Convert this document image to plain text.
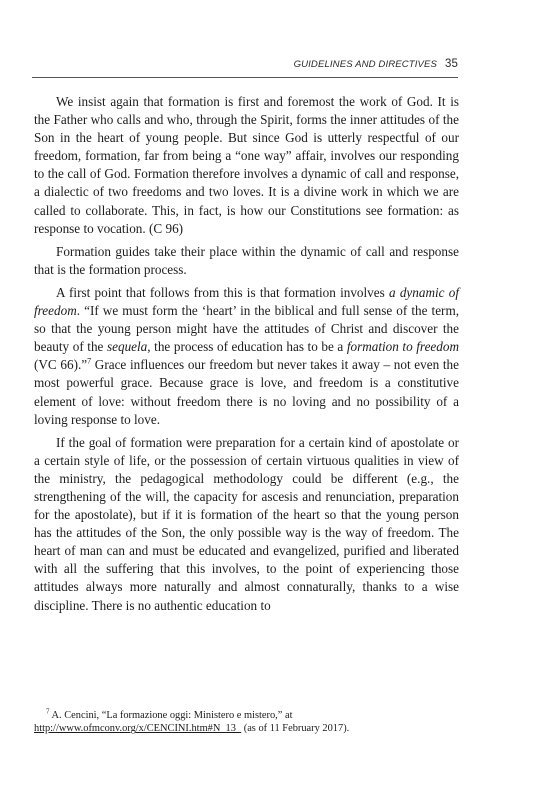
GUIDELINES AND DIRECTIVES 35

We insist again that formation is first and foremost the work of God. It is the Father who calls and who, through the Spirit, forms the inner attitudes of the Son in the heart of young people. But since God is utterly respectful of our freedom, formation, far from being a “one way” affair, involves our responding to the call of God. Formation therefore involves a dynamic of call and response, a dialectic of two freedoms and two loves. It is a divine work in which we are called to collaborate. This, in fact, is how our Constitutions see formation: as response to vocation. (C 96)

Formation guides take their place within the dynamic of call and response that is the formation process.

A first point that follows from this is that formation involves a dynamic of freedom. “If we must form the ‘heart’ in the biblical and full sense of the term, so that the young person might have the attitudes of Christ and discover the beauty of the sequela, the process of education has to be a formation to freedom (VC 66).”$^7$ Grace influences our freedom but never takes it away – not even the most powerful grace. Because grace is love, and freedom is a constitutive element of love: without freedom there is no loving and no possibility of a loving response to love.

If the goal of formation were preparation for a certain kind of apostolate or a certain style of life, or the possession of certain virtuous qualities in view of the ministry, the pedagogical methodology could be different (e.g., the strengthening of the will, the capacity for ascesis and renunciation, preparation for the apostolate), but if it is formation of the heart so that the young person has the attitudes of the Son, the only possible way is the way of freedom. The heart of man can and must be educated and evangelized, purified and liberated with all the suffering that this involves, to the point of experiencing those attitudes always more naturally and almost connaturally, thanks to a wise discipline. There is no authentic education to

$^7$ A. Cencini, “La formazione oggi: Ministero e mistero,” at http://www.ofmconv.org/x/CENCINI.htm#N_13_ (as of 11 February 2017).
